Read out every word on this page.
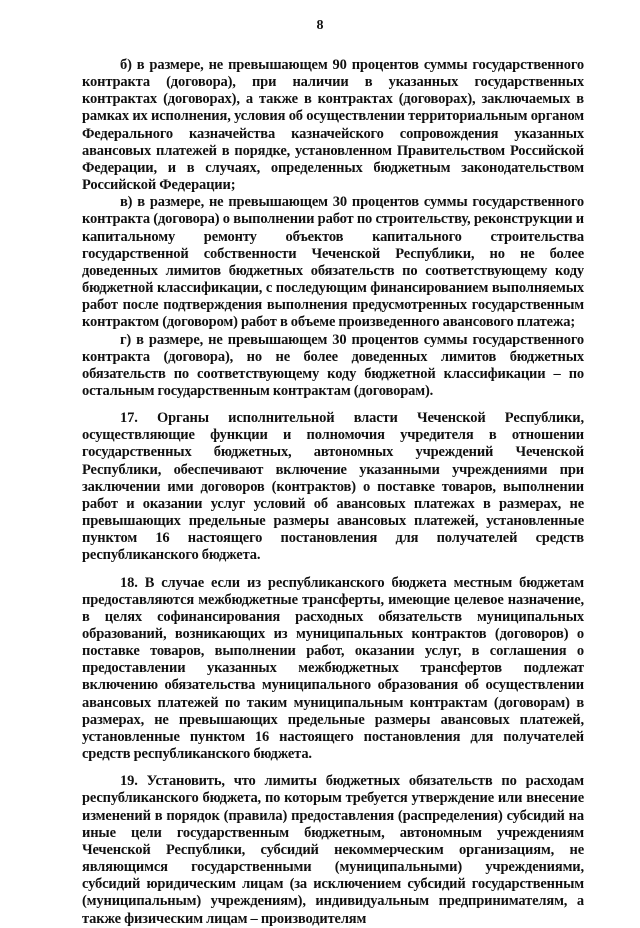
8

б) в размере, не превышающем 90 процентов суммы государственного контракта (договора), при наличии в указанных государственных контрактах (договорах), а также в контрактах (договорах), заключаемых в рамках их исполнения, условия об осуществлении территориальным органом Федерального казначейства казначейского сопровождения указанных авансовых платежей в порядке, установленном Правительством Российской Федерации, и в случаях, определенных бюджетным законодательством Российской Федерации;

в) в размере, не превышающем 30 процентов суммы государственного контракта (договора) о выполнении работ по строительству, реконструкции и капитальному ремонту объектов капитального строительства государственной собственности Чеченской Республики, но не более доведенных лимитов бюджетных обязательств по соответствующему коду бюджетной классификации, с последующим финансированием выполняемых работ после подтверждения выполнения предусмотренных государственным контрактом (договором) работ в объеме произведенного авансового платежа;

г) в размере, не превышающем 30 процентов суммы государственного контракта (договора), но не более доведенных лимитов бюджетных обязательств по соответствующему коду бюджетной классификации – по остальным государственным контрактам (договорам).

17. Органы исполнительной власти Чеченской Республики, осуществляющие функции и полномочия учредителя в отношении государственных бюджетных, автономных учреждений Чеченской Республики, обеспечивают включение указанными учреждениями при заключении ими договоров (контрактов) о поставке товаров, выполнении работ и оказании услуг условий об авансовых платежах в размерах, не превышающих предельные размеры авансовых платежей, установленные пунктом 16 настоящего постановления для получателей средств республиканского бюджета.

18. В случае если из республиканского бюджета местным бюджетам предоставляются межбюджетные трансферты, имеющие целевое назначение, в целях софинансирования расходных обязательств муниципальных образований, возникающих из муниципальных контрактов (договоров) о поставке товаров, выполнении работ, оказании услуг, в соглашения о предоставлении указанных межбюджетных трансфертов подлежат включению обязательства муниципального образования об осуществлении авансовых платежей по таким муниципальным контрактам (договорам) в размерах, не превышающих предельные размеры авансовых платежей, установленные пунктом 16 настоящего постановления для получателей средств республиканского бюджета.

19. Установить, что лимиты бюджетных обязательств по расходам республиканского бюджета, по которым требуется утверждение или внесение изменений в порядок (правила) предоставления (распределения) субсидий на иные цели государственным бюджетным, автономным учреждениям Чеченской Республики, субсидий некоммерческим организациям, не являющимся государственными (муниципальными) учреждениями, субсидий юридическим лицам (за исключением субсидий государственным (муниципальным) учреждениям), индивидуальным предпринимателям, а также физическим лицам – производителям
